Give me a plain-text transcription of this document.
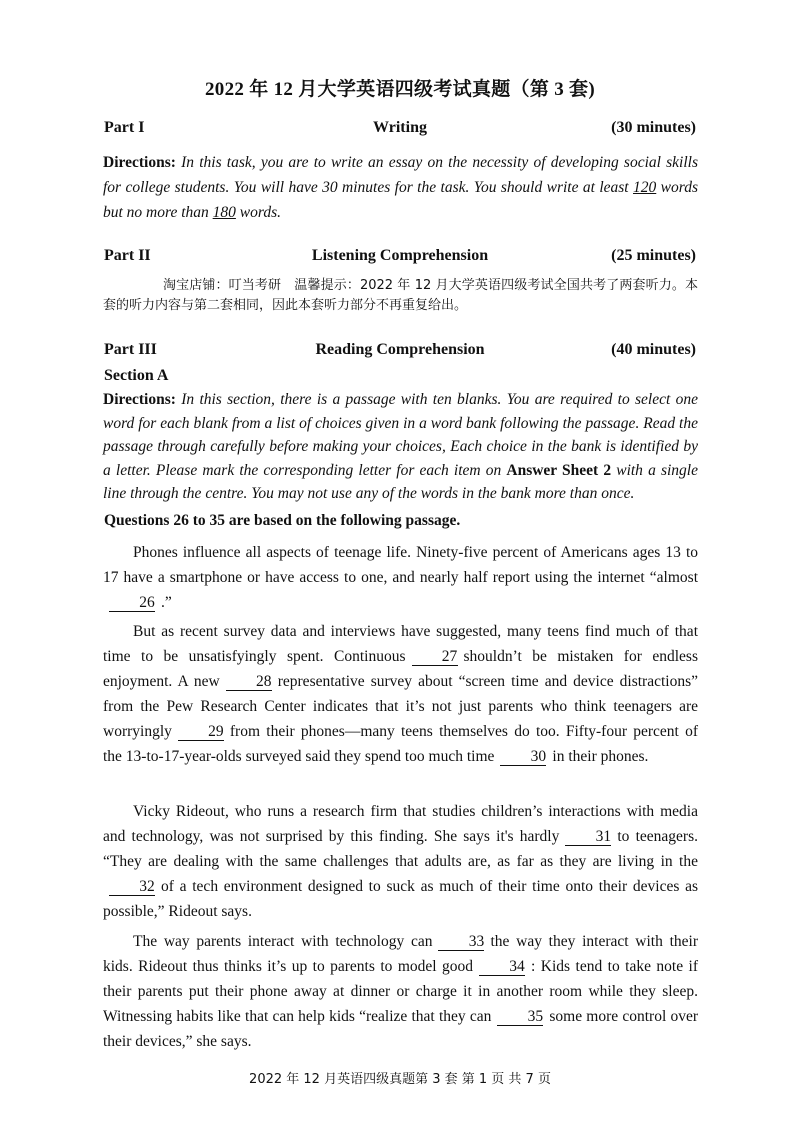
2022 年 12 月大学英语四级考试真题（第 3 套)
Part I	Writing	(30 minutes)
Directions: In this task, you are to write an essay on the necessity of developing social skills for college students. You will have 30 minutes for the task. You should write at least 120 words but no more than 180 words.
Part II	Listening Comprehension	(25 minutes)
淘宝店铺：叮当考研　温馨提示：2022 年 12 月大学英语四级考试全国共考了两套听力。本套的听力内容与第二套相同，因此本套听力部分不再重复给出。
Part III	Reading Comprehension	(40 minutes)
Section A
Directions: In this section, there is a passage with ten blanks. You are required to select one word for each blank from a list of choices given in a word bank following the passage. Read the passage through carefully before making your choices, Each choice in the bank is identified by a letter. Please mark the corresponding letter for each item on Answer Sheet 2 with a single line through the centre. You may not use any of the words in the bank more than once.
Questions 26 to 35 are based on the following passage.
Phones influence all aspects of teenage life. Ninety-five percent of Americans ages 13 to 17 have a smartphone or have access to one, and nearly half report using the internet “almost26 .”
But as recent survey data and interviews have suggested, many teens find much of that time to be unsatisfyingly spent. Continuous 27 shouldn’t be mistaken for endless enjoyment. A new 28 representative survey about “screen time and device distractions” from the Pew Research Center indicates that it’s not just parents who think teenagers are worryingly 29 from their phones—many teens themselves do too. Fifty-four percent of the 13-to-17-year-olds surveyed said they spend too much time 30 in their phones.
Vicky Rideout, who runs a research firm that studies children’s interactions with media and technology, was not surprised by this finding. She says it's hardly 31 to teenagers. “They are dealing with the same challenges that adults are, as far as they are living in the32 of a tech environment designed to suck as much of their time onto their devices as possible,” Rideout says.
The way parents interact with technology can 33 the way they interact with their kids. Rideout thus thinks it’s up to parents to model good 34 : Kids tend to take note if their parents put their phone away at dinner or charge it in another room while they sleep. Witnessing habits like that can help kids “realize that they can 35 some more control over their devices,” she says.
2022 年 12 月英语四级真题第 3 套 第 1 页 共 7 页
